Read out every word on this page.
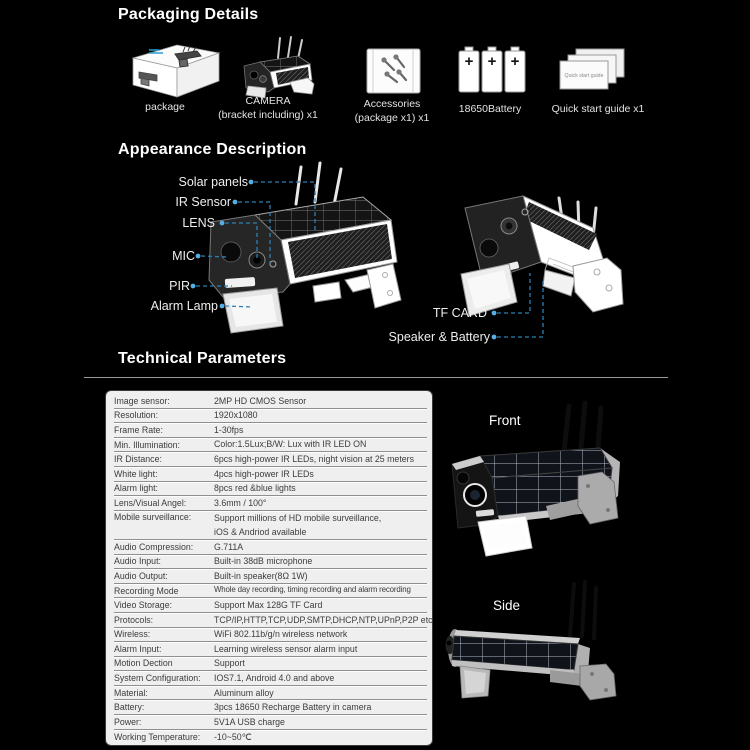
Packaging Details
+ + +
Quick start guide
package	CAMERA
(bracket including) x1
Accessories
(package x1) x1
18650Battery	Quick start guide x1
Appearance Description
Solar panels
IR Sensor
LENS
MIC
PIR
Alarm Lamp	TF CARD
Speaker & Battery
Technical Parameters
Image sensor:	2MP HD CMOS Sensor
Resolution:	1920x1080
Frame Rate:	1-30fps
Min. Illumination:	Color:1.5Lux;B/W: Lux with IR LED ON
IR Distance:	6pcs high-power IR LEDs, night vision at 25 meters
White light:	4pcs high-power IR LEDs
Alarm light:	8pcs red &blue lights
Lens/Visual Angel:	3.6mm / 100°
Mobile surveillance:	Support millions of HD mobile surveillance,
iOS & Andriod available
Audio Compression:	G.711A
Audio Input:	Built-in 38dB microphone
Audio Output:	Built-in speaker(8Ω 1W)
Recording Mode	Whole day recording, timing recording and alarm recording
Video Storage:	Support Max 128G TF Card
Protocols:	TCP/IP,HTTP,TCP,UDP,SMTP,DHCP,NTP,UPnP,P2P etc
Wireless:	WiFi 802.11b/g/n wireless network
Alarm Input:	Learning wireless sensor alarm input
Motion Dection	Support
System Configuration:	IOS7.1, Android 4.0 and above
Material:	Aluminum alloy
Battery:	3pcs 18650 Recharge Battery in camera
Power:	5V1A USB charge
Working Temperature:	-10~50℃
Front
Side
